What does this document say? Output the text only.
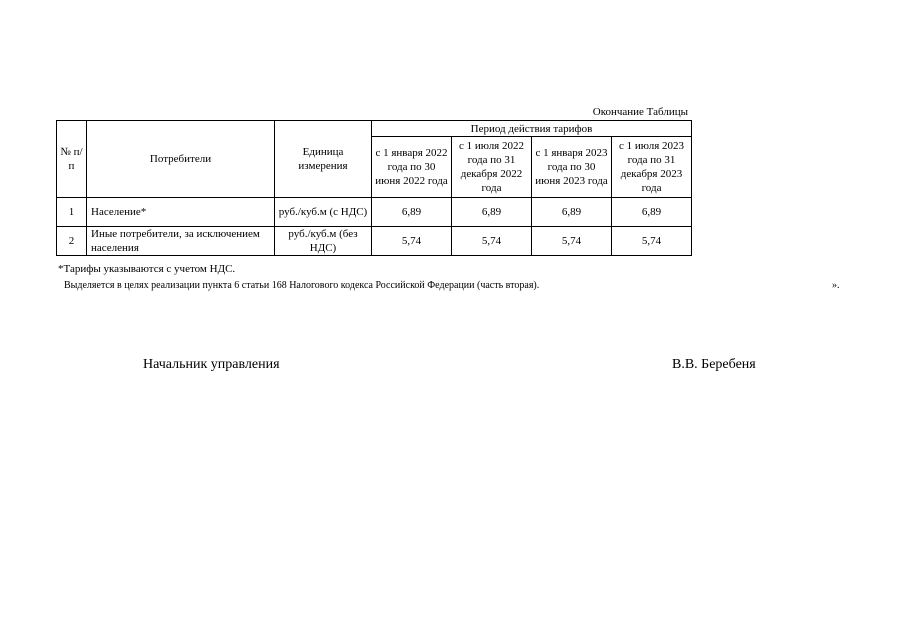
Окончание Таблицы
№ п/п	Потребители	Единица измерения	Период действия тарифов			
			с 1 января 2022 года по 30 июня 2022 года	с 1 июля 2022 года по 31 декабря 2022 года	с 1 января 2023 года по 30 июня 2023 года	с 1 июля 2023 года по 31 декабря 2023 года
1	Население*	руб./куб.м (с НДС)	6,89	6,89	6,89	6,89
2	Иные потребители, за исключением населения	руб./куб.м (без НДС)	5,74	5,74	5,74	5,74
*Тарифы указываются с учетом НДС.
Выделяется в целях реализации пункта 6 статьи 168 Налогового кодекса Российской Федерации (часть вторая).	».
Начальник управления	В.В. Беребеня
